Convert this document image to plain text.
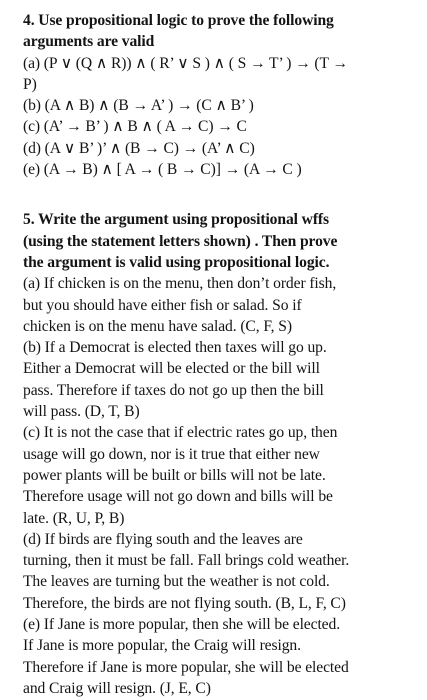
4. Use propositional logic to prove the following
arguments are valid
(a) (P ∨ (Q ∧ R)) ∧ ( R’ ∨ S ) ∧ ( S → T’ ) → (T →
P)
(b) (A ∧ B) ∧ (B → A’ ) → (C ∧ B’ )
(c) (A’ → B’ ) ∧ B ∧ ( A → C) → C
(d) (A ∨ B’ )’ ∧ (B → C) → (A’ ∧ C)
(e) (A → B) ∧ [ A → ( B → C)] → (A → C )
5. Write the argument using propositional wffs
(using the statement letters shown) . Then prove
the argument is valid using propositional logic.
(a) If chicken is on the menu, then don’t order fish,
but you should have either fish or salad. So if
chicken is on the menu have salad. (C, F, S)
(b) If a Democrat is elected then taxes will go up.
Either a Democrat will be elected or the bill will
pass. Therefore if taxes do not go up then the bill
will pass. (D, T, B)
(c) It is not the case that if electric rates go up, then
usage will go down, nor is it true that either new
power plants will be built or bills will not be late.
Therefore usage will not go down and bills will be
late. (R, U, P, B)
(d) If birds are flying south and the leaves are
turning, then it must be fall. Fall brings cold weather.
The leaves are turning but the weather is not cold.
Therefore, the birds are not flying south. (B, L, F, C)
(e) If Jane is more popular, then she will be elected.
If Jane is more popular, the Craig will resign.
Therefore if Jane is more popular, she will be elected
and Craig will resign. (J, E, C)
